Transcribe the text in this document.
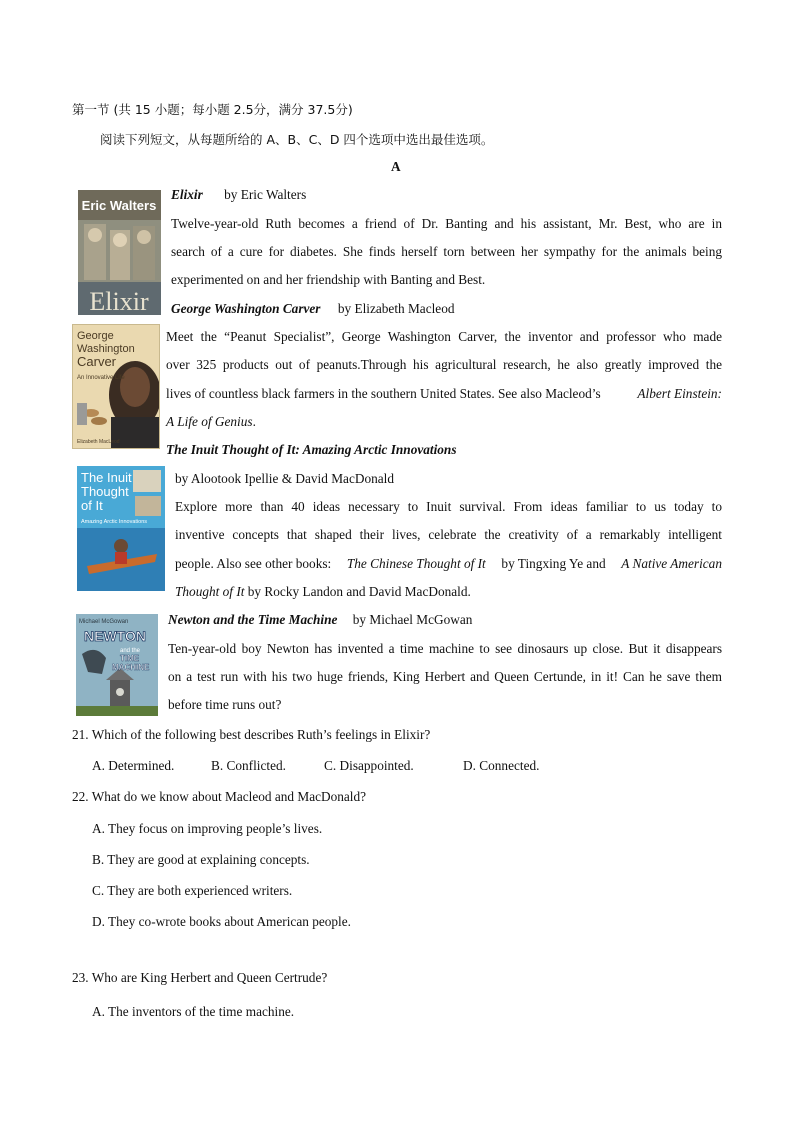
第一节 (共 15 小题；每小题 2.5分，满分 37.5分)
阅读下列短文，从每题所给的 A、B、C、D 四个选项中选出最佳选项。
A
Eric Walters
Elixir
Elixir by Eric Walters
Twelve-year-old Ruth becomes a friend of Dr. Banting and his assistant, Mr. Best, who are in
search of a cure for diabetes. She finds herself torn between her sympathy for the animals being
experimented on and her friendship with Banting and Best.
George Washington Carver by Elizabeth Macleod
George
Washington
Carver
An Innovative Life
Elizabeth MacLeod
Meet the “Peanut Specialist”, George Washington Carver, the inventor and professor who made
over 325 products out of peanuts.Through his agricultural research, he also greatly improved the
lives of countless black farmers in the southern United States. See also Macleod’s	Albert Einstein:
A Life of Genius.
The Inuit Thought of It: Amazing Arctic Innovations
The Inuit
Thought
of It
Amazing Arctic Innovations
by Alootook Ipellie & David MacDonald
Explore more than 40 ideas necessary to Inuit survival. From ideas familiar to us today to
inventive concepts that shaped their lives, celebrate the creativity of a remarkably intelligent
people. Also see other books: The Chinese Thought of It by Tingxing Ye and A Native American
Thought of It by Rocky Landon and David MacDonald.
Newton and the Time Machine by Michael McGowan
Michael McGowan
NEWTON
and the
TIME
MACHINE
Ten-year-old boy Newton has invented a time machine to see dinosaurs up close. But it disappears
on a test run with his two huge friends, King Herbert and Queen Certunde, in it! Can he save them
before time runs out?
21. Which of the following best describes Ruth’s feelings in Elixir?
A. Determined.	B. Conflicted.	C. Disappointed.	D. Connected.
22. What do we know about Macleod and MacDonald?
A. They focus on improving people’s lives.
B. They are good at explaining concepts.
C. They are both experienced writers.
D. They co-wrote books about American people.
23. Who are King Herbert and Queen Certrude?
A. The inventors of the time machine.
